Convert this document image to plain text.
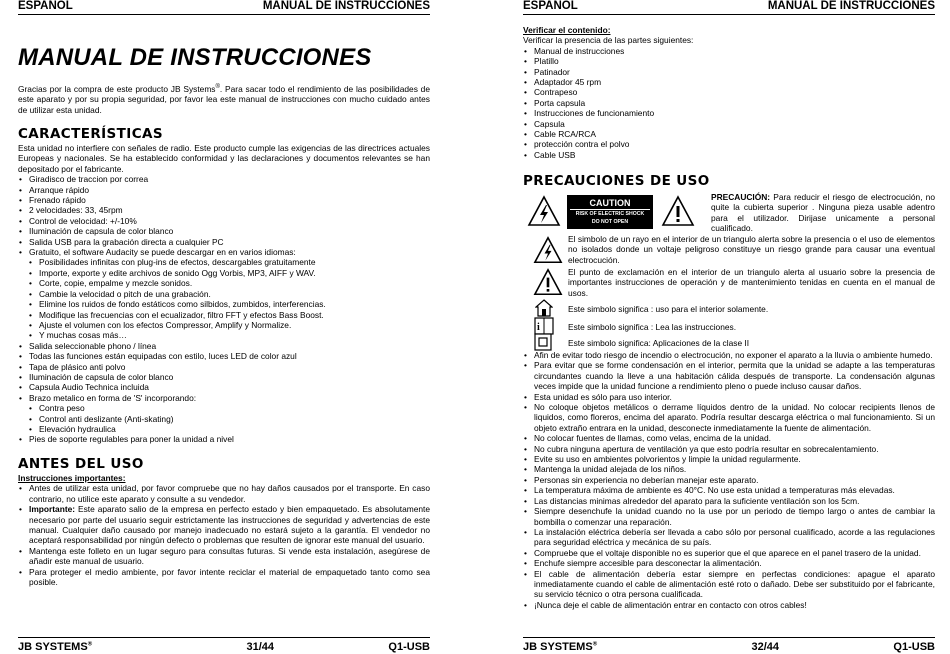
ESPAÑOL	MANUAL DE INSTRUCCIONES
MANUAL DE INSTRUCCIONES
Gracias por la compra de este producto JB Systems®. Para sacar todo el rendimiento de las posibilidades de este aparato y por su propia seguridad, por favor lea este manual de instrucciones con mucho cuidado antes de utilizar esta unidad.
CARACTERÍSTICAS
Esta unidad no interfiere con señales de radio. Este producto cumple las exigencias de las directrices actuales Europeas y nacionales. Se ha establecido conformidad y las declaraciones y documentos relevantes se han depositado por el fabricante.
• Giradisco de traccion por correa
• Arranque rápido
• Frenado rápido
• 2 velocidades: 33, 45rpm
• Control de velocidad: +/-10%
• Iluminación de capsula de color blanco
• Salida USB para la grabación directa a cualquier PC
• Gratuito, el software Audacity se puede descargar en en varios idiomas:
• Posibilidades infinitas con plug-ins de efectos, descargables gratuitamente
• Importe, exporte y edite archivos de sonido Ogg Vorbis, MP3, AIFF y WAV.
• Corte, copie, empalme y mezcle sonidos.
• Cambie la velocidad o pitch de una grabación.
• Elimine los ruidos de fondo estáticos como silbidos, zumbidos, interferencias.
• Modifique las frecuencias con el ecualizador, filtro FFT y efectos Bass Boost.
• Ajuste el volumen con los efectos Compressor, Amplify y Normalize.
• Y muchas cosas más…
• Salida seleccionable phono / línea
• Todas las funciones están equipadas con estilo, luces LED de color azul
• Tapa de plásico anti polvo
• Iluminación de capsula de color blanco
• Capsula Audio Technica incluida
• Brazo metalico en forma de 'S' incorporando:
• Contra peso
• Control anti deslizante (Anti-skating)
• Elevación hydraulica
• Pies de soporte regulables para poner la unidad a nivel
ANTES DEL USO
Instrucciones importantes:
• Antes de utilizar esta unidad, por favor compruebe que no hay daños causados por el transporte. En caso contrario, no utilice este aparato y consulte a su vendedor.
• Importante: Este aparato salio de la empresa en perfecto estado y bien empaquetado. Es absolutamente necesario por parte del usuario seguir estrictamente las instrucciones de seguridad y advertencias de este manual. Cualquier daño causado por manejo inadecuado no estará sujeto a la garantía. El vendedor no aceptará responsabilidad por ningún defecto o problemas que resulten de ignorar este manual del usuario.
• Mantenga este folleto en un lugar seguro para consultas futuras. Si vende esta instalación, asegúrese de añadir este manual de usuario.
• Para proteger el medio ambiente, por favor intente reciclar el material de empaquetado tanto como sea posible.
JB SYSTEMS®	31/44	Q1-USB
ESPAÑOL	MANUAL DE INSTRUCCIONES
Verificar el contenido:
Verificar la presencia de las partes siguientes:
• Manual de instrucciones
• Platillo
• Patinador
• Adaptador 45 rpm
• Contrapeso
• Porta capsula
• Instrucciones de funcionamiento
• Capsula
• Cable RCA/RCA
• protección contra el polvo
• Cable USB
PRECAUCIONES DE USO
CAUTION
RISK OF ELECTRIC SHOCK
DO NOT OPEN
PRECAUCIÓN: Para reducir el riesgo de electrocución, no quite la cubierta superior . Ninguna pieza usable adentro para el utilizador. Dirijase unicamente a personal cualificado.
El simbolo de un rayo en el interior de un triangulo alerta sobre la presencia o el uso de elementos no isolados donde un voltaje peligroso constituye un riesgo grande para causar una eventual electrocución.
El punto de exclamación en el interior de un triangulo alerta al usuario sobre la presencia de importantes instrucciones de operación y de mantenimiento tenidas en cuenta en el manual de usos.
Este simbolo significa : uso para el interior solamente.
i	Este simbolo significa : Lea las instrucciones.
Este simbolo significa: Aplicaciones de la clase II
• Afin de evitar todo riesgo de incendio o electrocución, no exponer el aparato a la lluvia o ambiente humedo.
• Para evitar que se forme condensación en el interior, permita que la unidad se adapte a las temperaturas circundantes cuando la lleve a una habitación cálida después de transporte. La condensación algunas veces impide que la unidad funcione a rendimiento pleno o puede incluso causar daños.
• Esta unidad es sólo para uso interior.
• No coloque objetos metálicos o derrame líquidos dentro de la unidad. No colocar recipients llenos de liquidos, como floreros, encima del aparato. Podría resultar descarga eléctrica o mal funcionamiento. Si un objeto extraño entrara en la unidad, desconecte inmediatamente la fuente de alimentación.
• No colocar fuentes de llamas, como velas, encima de la unidad.
• No cubra ninguna apertura de ventilación ya que esto podría resultar en sobrecalentamiento.
• Evite su uso en ambientes polvorientos y limpie la unidad regularmente.
• Mantenga la unidad alejada de los niños.
• Personas sin experiencia no deberían manejar este aparato.
• La temperatura máxima de ambiente es 40°C. No use esta unidad a temperaturas más elevadas.
• Las distancias minimas alrededor del aparato para la suficiente ventilación son los 5cm.
• Siempre desenchufe la unidad cuando no la use por un periodo de tiempo largo o antes de cambiar la bombilla o comenzar una reparación.
• La instalación eléctrica debería ser llevada a cabo sólo por personal cualificado, acorde a las regulaciones para seguridad eléctrica y mecánica de su país.
• Compruebe que el voltaje disponible no es superior que el que aparece en el panel trasero de la unidad.
• Enchufe siempre accesible para desconectar la alimentación.
• El cable de alimentación debería estar siempre en perfectas condiciones: apague el aparato inmediatamente cuando el cable de alimentación esté roto o dañado. Debe ser substituido por el fabricante, su servicio técnico o otra persona cualificada.
• ¡Nunca deje el cable de alimentación entrar en contacto con otros cables!
JB SYSTEMS®	32/44	Q1-USB
